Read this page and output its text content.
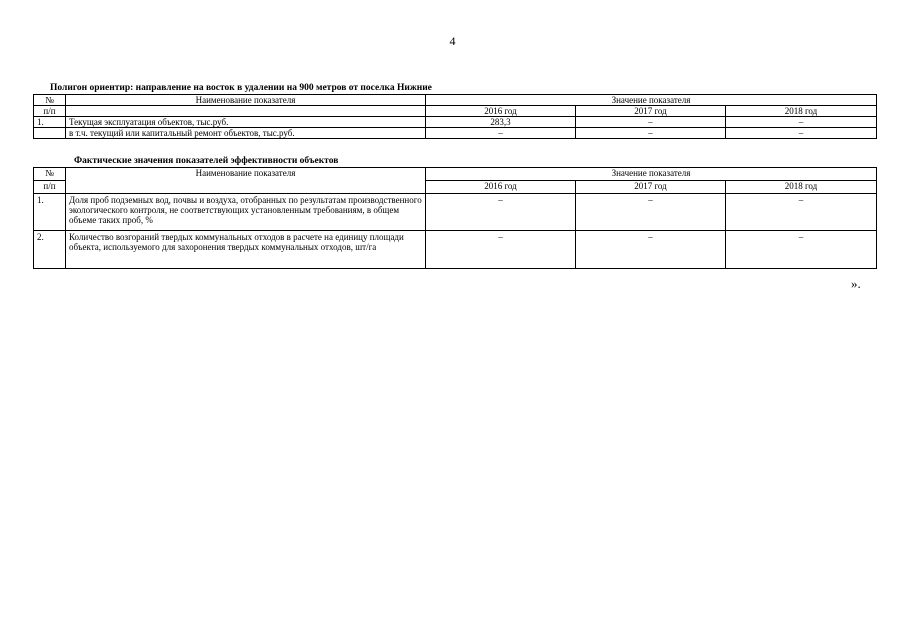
4
Полигон ориентир: направление на восток в удалении на 900 метров от поселка Нижние
№	Наименование показателя	Значение показателя		
п/п		2016 год	2017 год	2018 год
1.	Текущая эксплуатация объектов, тыс.руб.	283,3	–	–
	в т.ч. текущий или капитальный ремонт объектов, тыс.руб.	–	–	–
Фактические значения показателей эффективности объектов
№	Наименование показателя	Значение показателя		
п/п		2016 год	2017 год	2018 год
1.	Доля проб подземных вод, почвы и воздуха, отобранных по результатам производственного экологического контроля, не соответствующих установленным требованиям, в общем объеме таких проб, %	–	–	–
2.	Количество возгораний твердых коммунальных отходов в расчете на единицу площади объекта, используемого для захоронения твердых коммунальных отходов, шт/га	–	–	–
».
